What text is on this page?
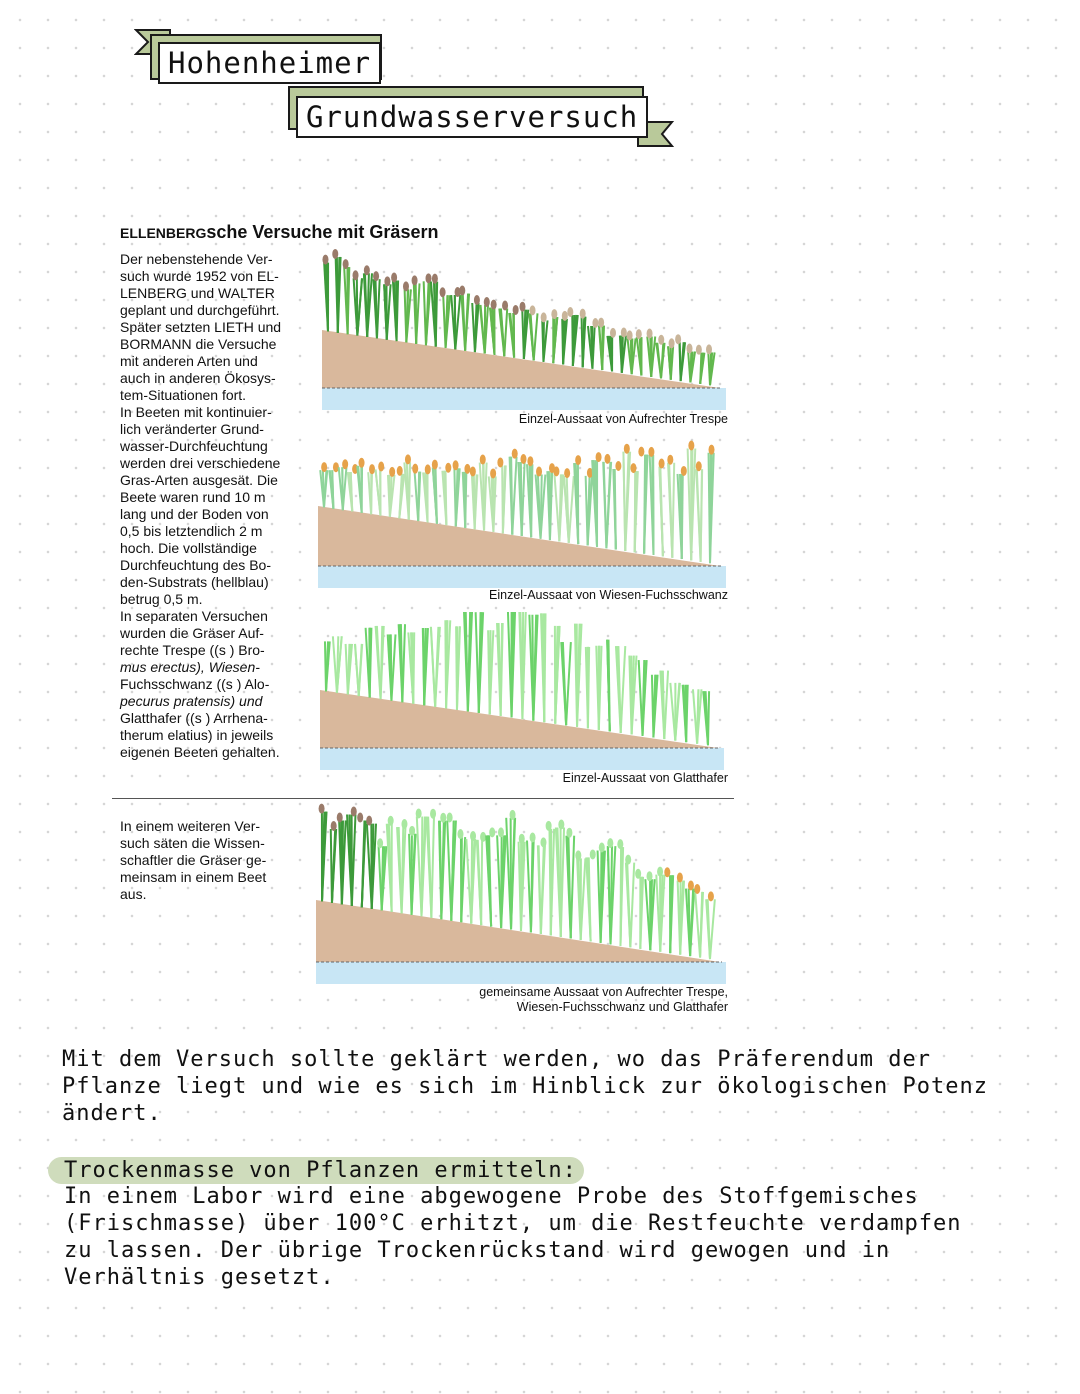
Hohenheimer
Grundwasserversuch
ELLENBERGsche Versuche mit Gräsern
Der nebenstehende Ver-
such wurde 1952 von EL-
LENBERG und WALTER
geplant und durchgeführt.
Später setzten LIETH und
BORMANN die Versuche
mit anderen Arten und
auch in anderen Ökosys-
tem-Situationen fort.
In Beeten mit kontinuier-
lich veränderter Grund-
wasser-Durchfeuchtung
werden drei verschiedene
Gras-Arten ausgesät. Die
Beete waren rund 10 m
lang und der Boden von
0,5 bis letztendlich 2 m
hoch. Die vollständige
Durchfeuchtung des Bo-
den-Substrats (hellblau)
betrug 0,5 m.
In separaten Versuchen
wurden die Gräser Auf-
rechte Trespe ((s ) Bro-
mus erectus), Wiesen-
Fuchsschwanz ((s ) Alo-
pecurus pratensis) und
Glatthafer ((s ) Arrhena-
therum elatius) in jeweils
eigenen Beeten gehalten.
In einem weiteren Ver-
such säten die Wissen-
schaftler die Gräser ge-
meinsam in einem Beet
aus.
Einzel-Aussaat von Aufrechter Trespe
Einzel-Aussaat von Wiesen-Fuchsschwanz
Einzel-Aussaat von Glatthafer
gemeinsame Aussaat von Aufrechter Trespe,
Wiesen-Fuchsschwanz und Glatthafer
Mit dem Versuch sollte geklärt werden, wo das Präferendum der
Pflanze liegt und wie es sich im Hinblick zur ökologischen Potenz
ändert.
Trockenmasse von Pflanzen ermitteln:
In einem Labor wird eine abgewogene Probe des Stoffgemisches
(Frischmasse) über 100°C erhitzt, um die Restfeuchte verdampfen
zu lassen. Der übrige Trockenrückstand wird gewogen und in
Verhältnis gesetzt.
